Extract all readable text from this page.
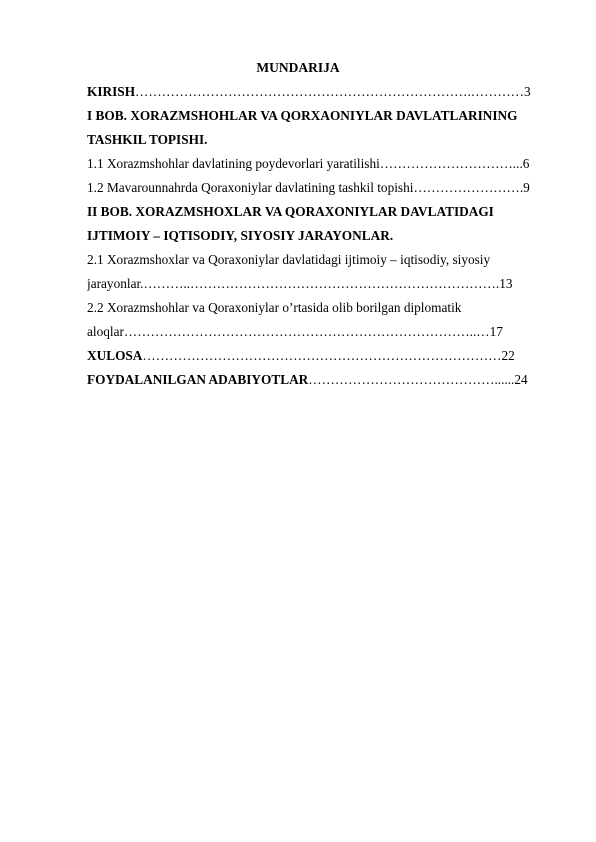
MUNDARIJA
KIRISH ………………………………………………………………….………… 3
I BOB. XORAZMSHOHLAR VA QORXAONIYLAR DAVLATLARINING
TASHKIL TOPISHI.
1.1 Xorazmshohlar davlatining poydevorlari yaratilishi …………………………... 6
1.2 Mavarounnahrda Qoraxoniylar davlatining tashkil topishi ……………………. 9
II BOB. XORAZMSHOXLAR VA QORAXONIYLAR DAVLATIDAGI
IJTIMOIY – IQTISODIY, SIYOSIY JARAYONLAR.
2.1 Xorazmshoxlar va Qoraxoniylar davlatidagi ijtimoiy – iqtisodiy, siyosiy
jarayonlar. ………..……………………………………………………………. 13
2.2 Xorazmshohlar va Qoraxoniylar o’rtasida olib borilgan diplomatik
aloqlar ……………………………………………………………………..… 17
XULOSA ……………………………………………………………………… 22
FOYDALANILGAN ADABIYOTLAR ……………………………………...... 24
